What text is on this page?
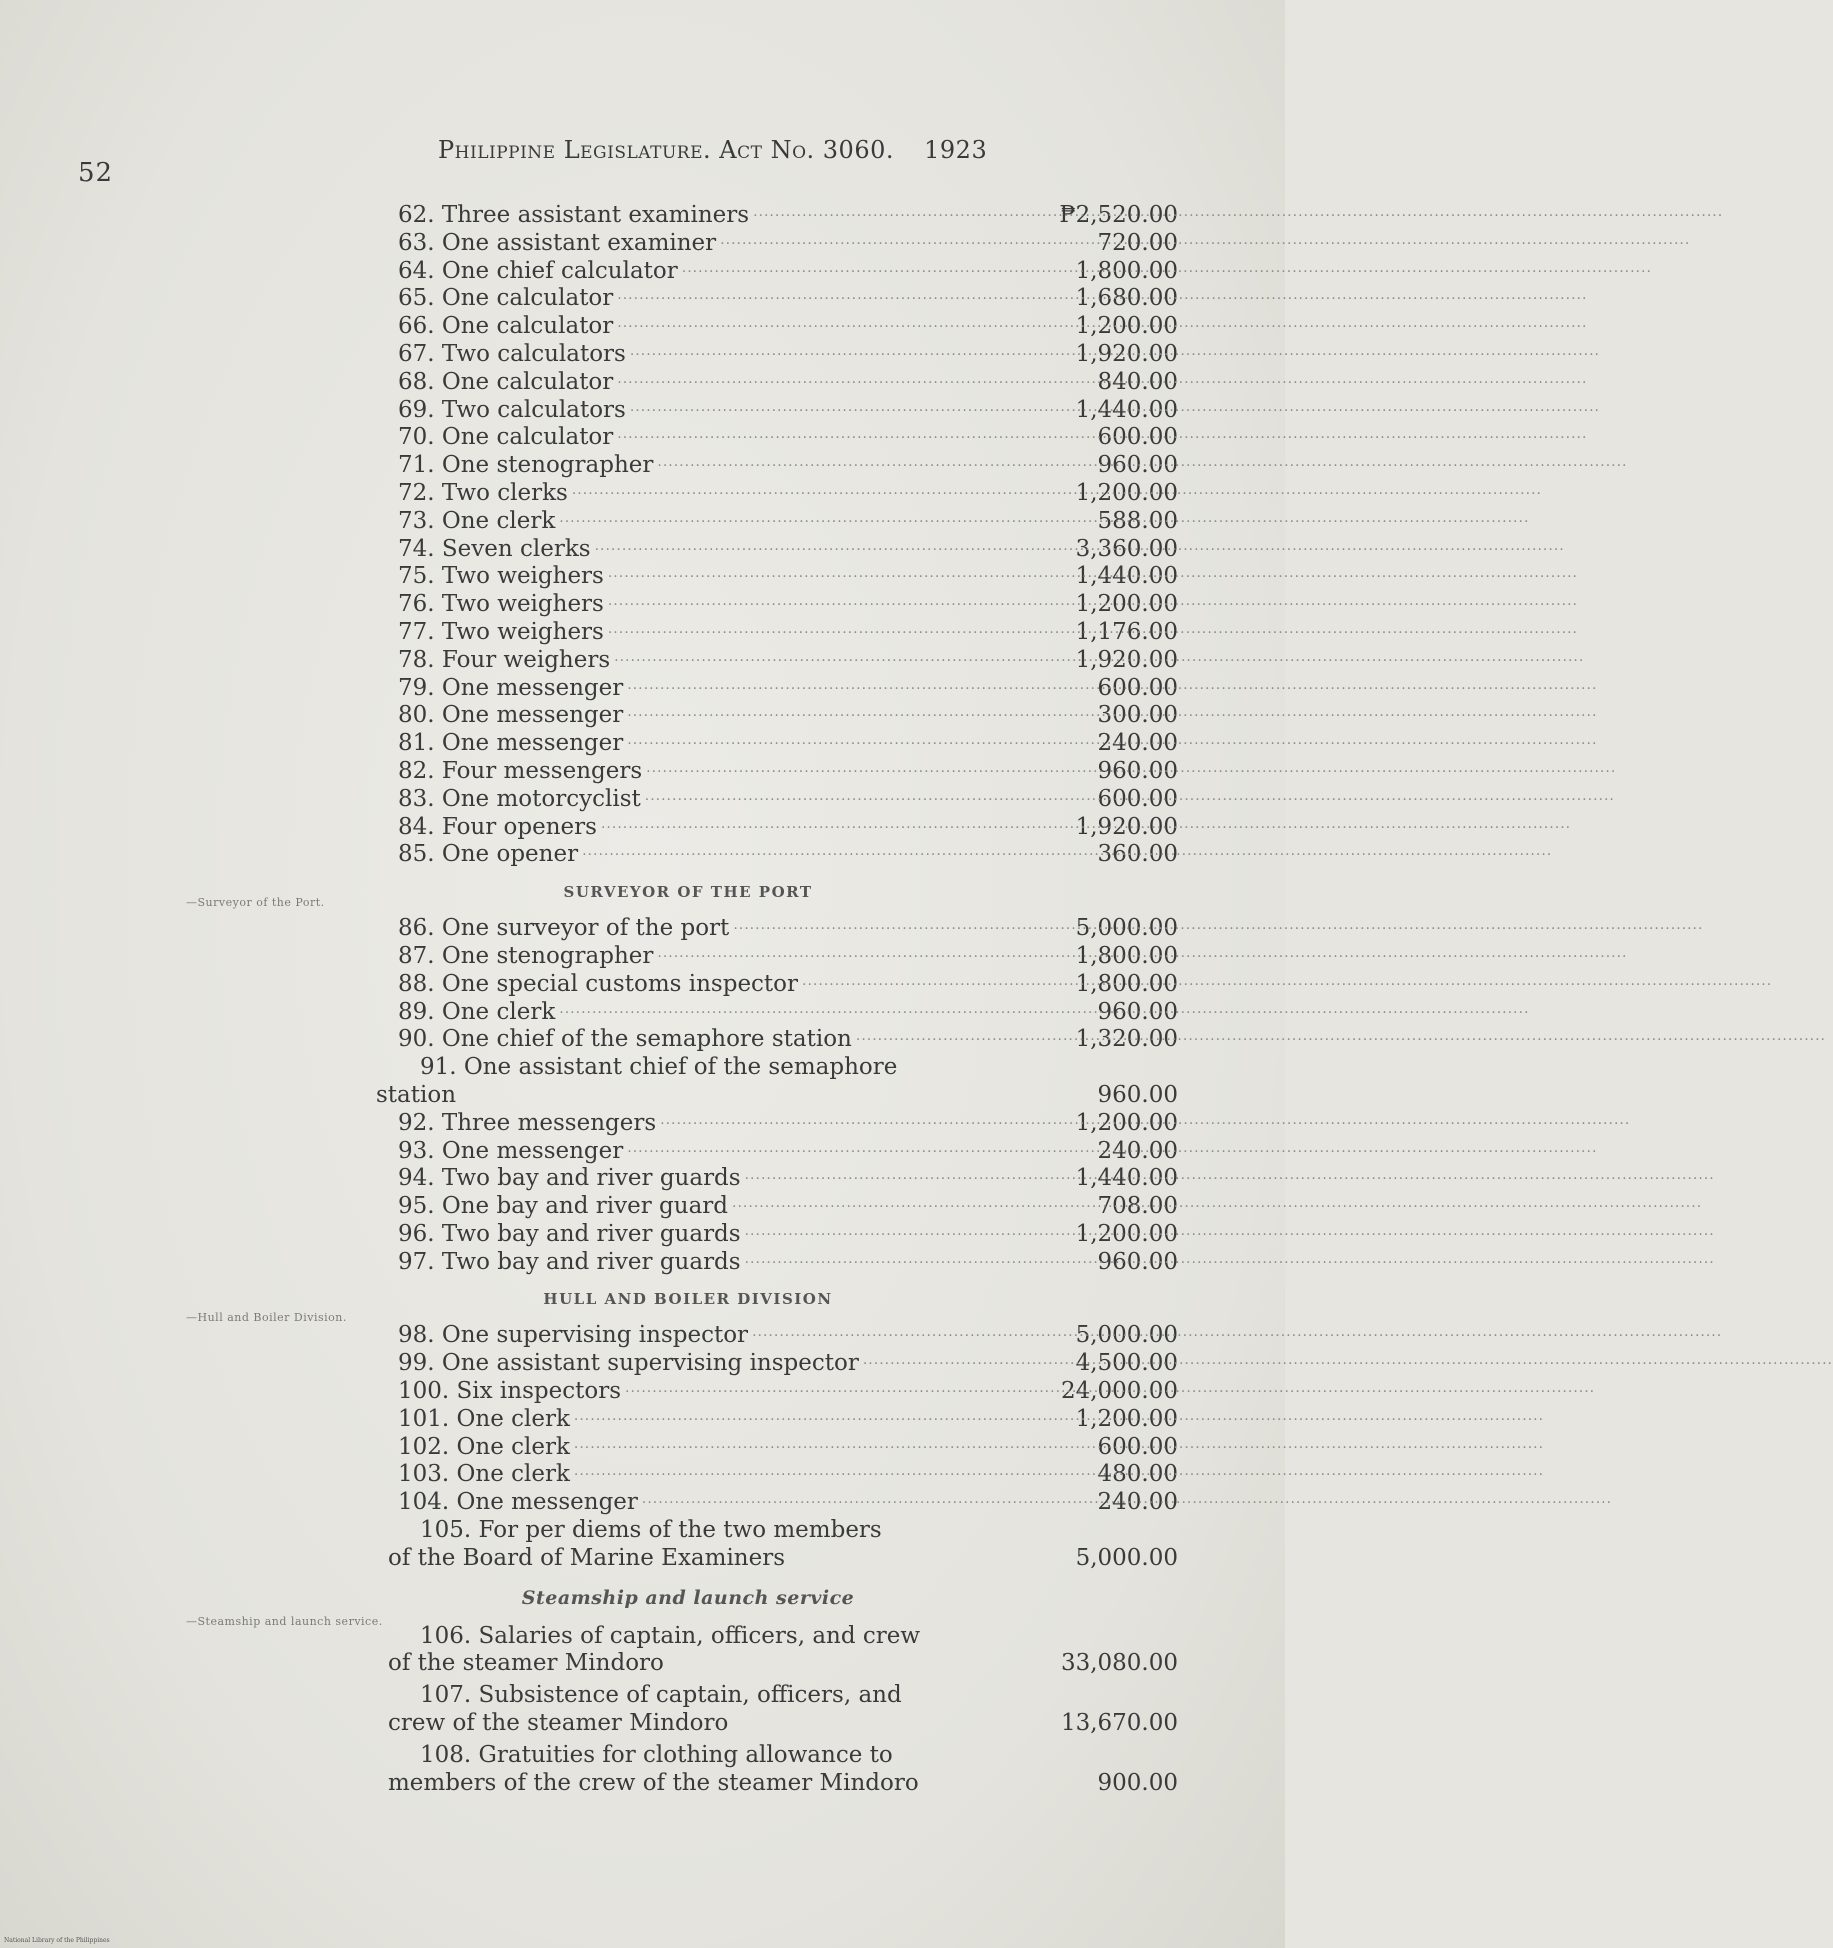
52
Philippine Legislature. Act No. 3060. 1923
—Surveyor of the Port.
—Hull and Boiler Division.
—Steamship and launch service.
62. Three assistant examiners .....	₱2,520.00
63. One assistant examiner .....	720.00
64. One chief calculator .....	1,800.00
65. One calculator .....	1,680.00
66. One calculator .....	1,200.00
67. Two calculators .....	1,920.00
68. One calculator .....	840.00
69. Two calculators .....	1,440.00
70. One calculator .....	600.00
71. One stenographer .....	960.00
72. Two clerks .....	1,200.00
73. One clerk .....	588.00
74. Seven clerks .....	3,360.00
75. Two weighers .....	1,440.00
76. Two weighers .....	1,200.00
77. Two weighers .....	1,176.00
78. Four weighers .....	1,920.00
79. One messenger .....	600.00
80. One messenger .....	300.00
81. One messenger .....	240.00
82. Four messengers .....	960.00
83. One motorcyclist .....	600.00
84. Four openers .....	1,920.00
85. One opener .....	360.00
SURVEYOR OF THE PORT
86. One surveyor of the port .....	5,000.00
87. One stenographer .....	1,800.00
88. One special customs inspector .....	1,800.00
89. One clerk .....	960.00
90. One chief of the semaphore station .....	1,320.00
91. One assistant chief of the semaphore
station	960.00
92. Three messengers .....	1,200.00
93. One messenger .....	240.00
94. Two bay and river guards .....	1,440.00
95. One bay and river guard .....	708.00
96. Two bay and river guards .....	1,200.00
97. Two bay and river guards .....	960.00
HULL AND BOILER DIVISION
98. One supervising inspector .....	5,000.00
99. One assistant supervising inspector .....	4,500.00
100. Six inspectors .....	24,000.00
101. One clerk .....	1,200.00
102. One clerk .....	600.00
103. One clerk .....	480.00
104. One messenger .....	240.00
105. For per diems of the two members
of the Board of Marine Examiners	5,000.00
Steamship and launch service
106. Salaries of captain, officers, and crew
of the steamer Mindoro	33,080.00
107. Subsistence of captain, officers, and
crew of the steamer Mindoro	13,670.00
108. Gratuities for clothing allowance to
members of the crew of the steamer Mindoro	900.00
National Library of the Philippines
